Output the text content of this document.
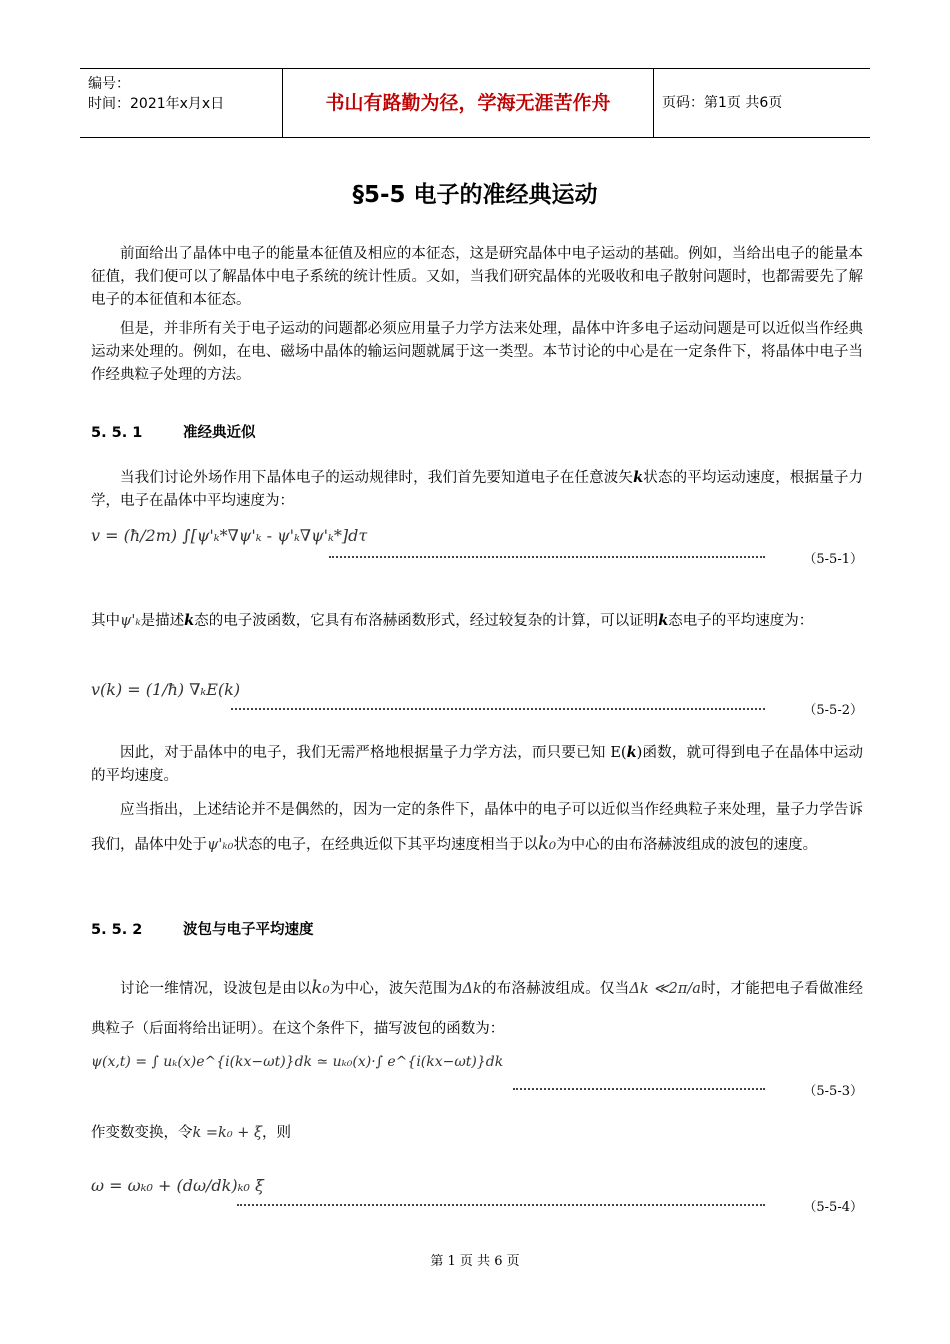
编号：
时间：2021年x月x日	书山有路勤为径，学海无涯苦作舟	页码：第1页 共6页
§5-5 电子的准经典运动

前面给出了晶体中电子的能量本征值及相应的本征态，这是研究晶体中电子运动的基础。例如，当给出电子的能量本征值，我们便可以了解晶体中电子系统的统计性质。又如，当我们研究晶体的光吸收和电子散射问题时，也都需要先了解电子的本征值和本征态。

但是，并非所有关于电子运动的问题都必须应用量子力学方法来处理，晶体中许多电子运动问题是可以近似当作经典运动来处理的。例如，在电、磁场中晶体的输运问题就属于这一类型。本节讨论的中心是在一定条件下，将晶体中电子当作经典粒子处理的方法。

5. 5. 1	准经典近似

当我们讨论外场作用下晶体电子的运动规律时，我们首先要知道电子在任意波矢k状态的平均运动速度，根据量子力学，电子在晶体中平均速度为：

v = (ħ/2m) ∫[ψ'ₖ*∇ψ'ₖ - ψ'ₖ∇ψ'ₖ*]dτ
（5-5-1）

其中ψ'ₖ是描述k态的电子波函数，它具有布洛赫函数形式，经过较复杂的计算，可以证明k态电子的平均速度为：

v(k) = (1/ħ) ∇ₖE(k)
（5-5-2）

因此，对于晶体中的电子，我们无需严格地根据量子力学方法，而只要已知 E(k)函数，就可得到电子在晶体中运动的平均速度。

应当指出，上述结论并不是偶然的，因为一定的条件下，晶体中的电子可以近似当作经典粒子来处理，量子力学告诉我们，晶体中处于ψ'ₖ₀状态的电子，在经典近似下其平均速度相当于以k₀为中心的由布洛赫波组成的波包的速度。

5. 5. 2	波包与电子平均速度

讨论一维情况，设波包是由以k₀为中心，波矢范围为Δk的布洛赫波组成。仅当Δk ≪2π/a时，才能把电子看做准经典粒子（后面将给出证明）。在这个条件下，描写波包的函数为：

ψ(x,t) = ∫ uₖ(x)e^{i(kx−ωt)}dk ≃ uₖ₀(x)·∫ e^{i(kx−ωt)}dk
（5-5-3）

作变数变换，令k =k₀ + ξ，则

ω = ωₖ₀ + (dω/dk)ₖ₀ ξ
（5-5-4）
第 1 页 共 6 页
